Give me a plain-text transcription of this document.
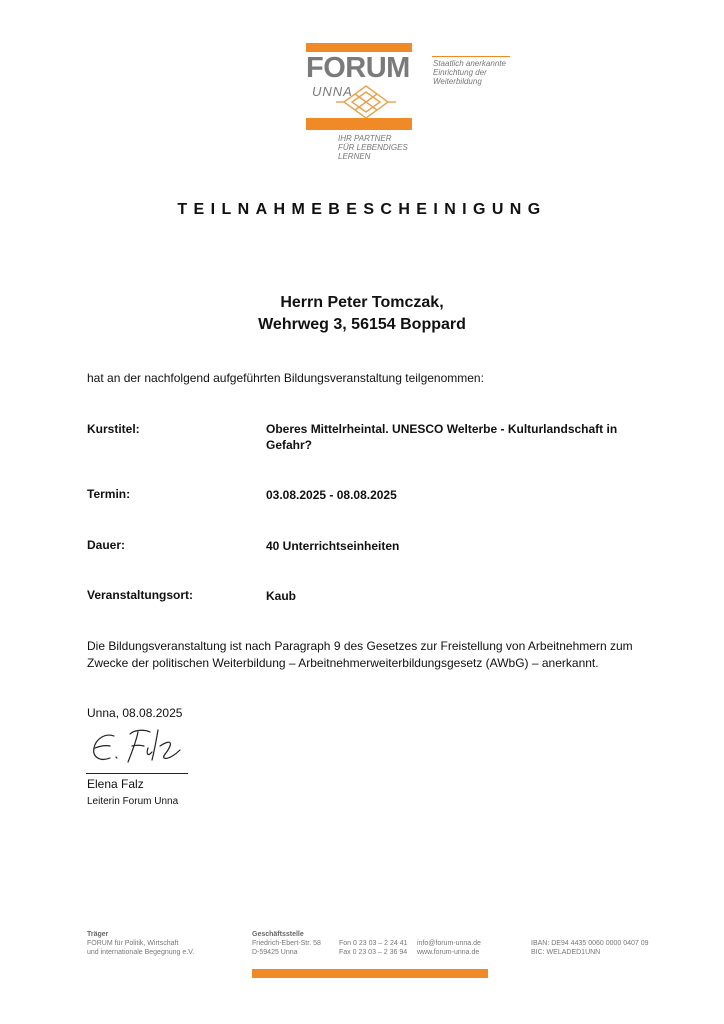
FORUM
UNNA
IHR PARTNER
FÜR LEBENDIGES
LERNEN
Staatlich anerkannte
Einrichtung der
Weiterbildung
TEILNAHMEBESCHEINIGUNG
Herrn Peter Tomczak,
Wehrweg 3, 56154 Boppard
hat an der nachfolgend aufgeführten Bildungsveranstaltung teilgenommen:
Kurstitel:	Oberes Mittelrheintal. UNESCO Welterbe - Kulturlandschaft in Gefahr?
Termin:	03.08.2025 - 08.08.2025
Dauer:	40 Unterrichtseinheiten
Veranstaltungsort:	Kaub
Die Bildungsveranstaltung ist nach Paragraph 9 des Gesetzes zur Freistellung von Arbeitnehmern zum
Zwecke der politischen Weiterbildung – Arbeitnehmerweiterbildungsgesetz (AWbG) – anerkannt.
Unna, 08.08.2025
Elena Falz
Leiterin Forum Unna
Träger
FORUM für Politik, Wirtschaft
und internationale Begegnung e.V.
Geschäftsstelle
Friedrich-Ebert-Str. 58
D-59425 Unna
Fon 0 23 03 – 2 24 41
Fax 0 23 03 – 2 36 94
info@forum-unna.de
www.forum-unna.de
IBAN: DE94 4435 0060 0000 0407 09
BIC: WELADED1UNN
